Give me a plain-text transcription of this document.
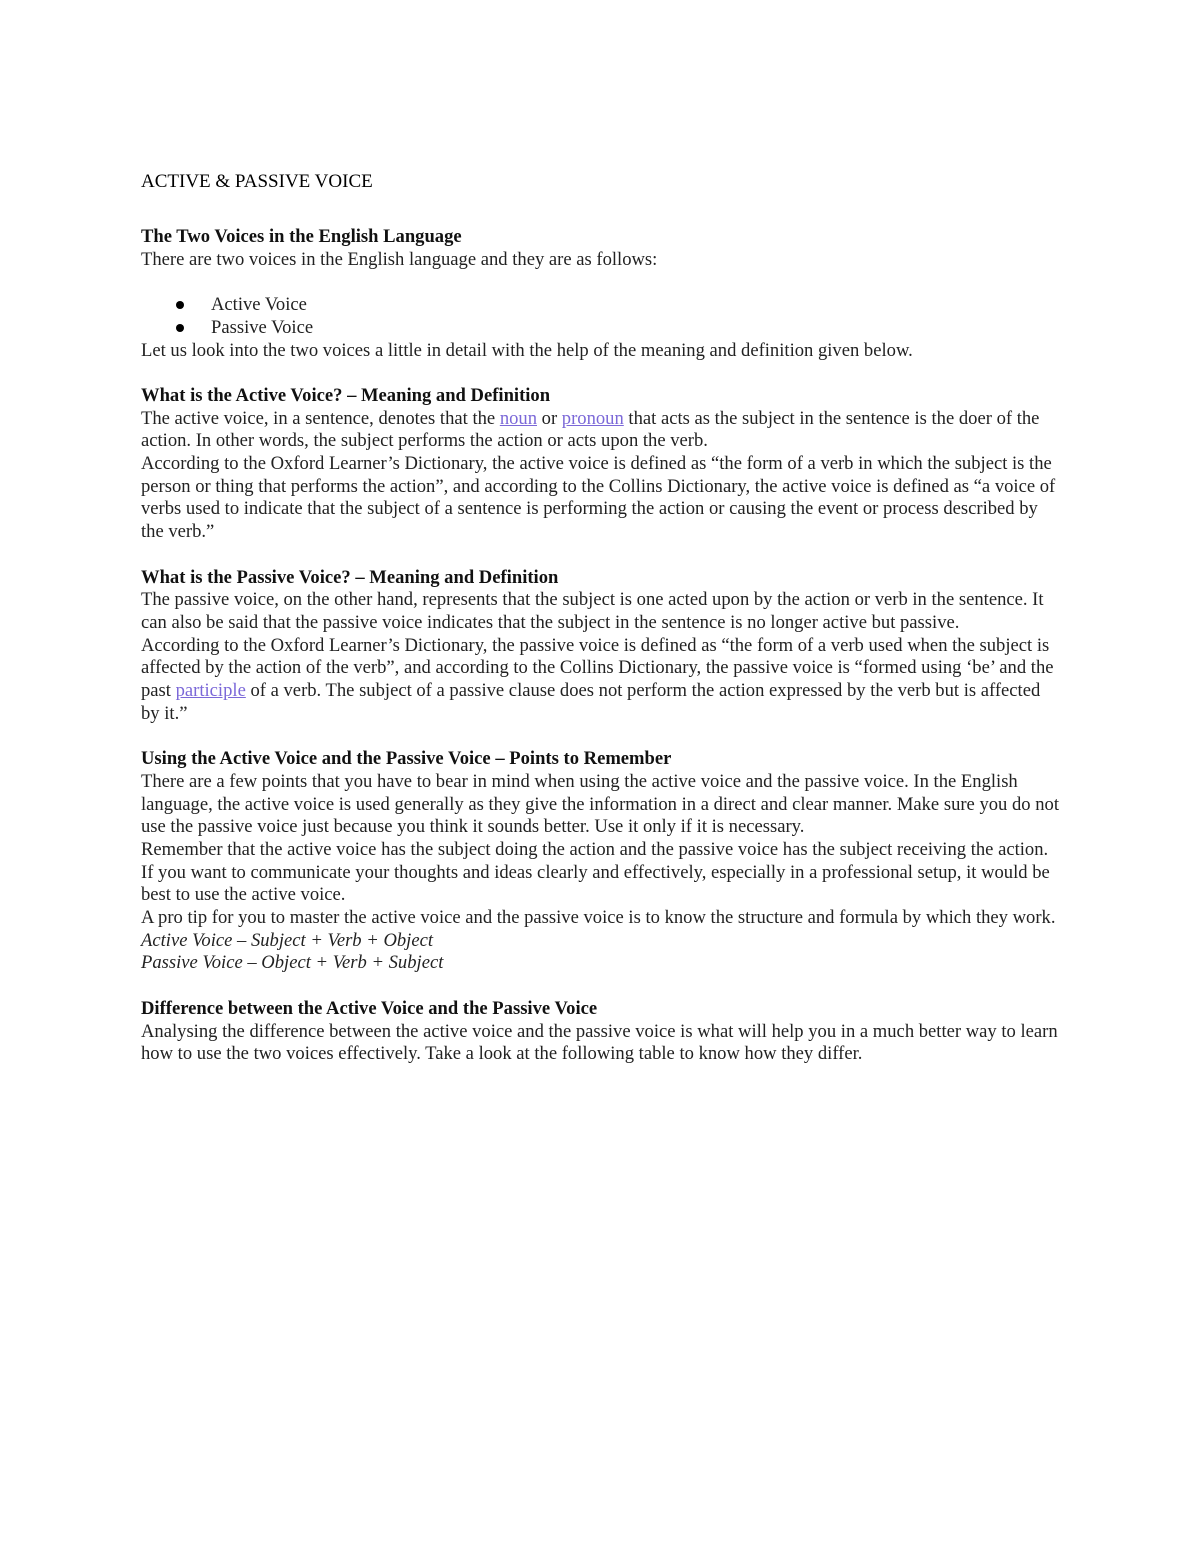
ACTIVE & PASSIVE VOICE
The Two Voices in the English Language

There are two voices in the English language and they are as follows:

Active Voice
Passive Voice

Let us look into the two voices a little in detail with the help of the meaning and definition given below.

What is the Active Voice? – Meaning and Definition

The active voice, in a sentence, denotes that the noun or pronoun that acts as the subject in the sentence is the doer of the action. In other words, the subject performs the action or acts upon the verb.

According to the Oxford Learner’s Dictionary, the active voice is defined as “the form of a verb in which the subject is the person or thing that performs the action”, and according to the Collins Dictionary, the active voice is defined as “a voice of verbs used to indicate that the subject of a sentence is performing the action or causing the event or process described by the verb.”

What is the Passive Voice? – Meaning and Definition

The passive voice, on the other hand, represents that the subject is one acted upon by the action or verb in the sentence. It can also be said that the passive voice indicates that the subject in the sentence is no longer active but passive.

According to the Oxford Learner’s Dictionary, the passive voice is defined as “the form of a verb used when the subject is affected by the action of the verb”, and according to the Collins Dictionary, the passive voice is “formed using ‘be’ and the past participle of a verb. The subject of a passive clause does not perform the action expressed by the verb but is affected by it.”

Using the Active Voice and the Passive Voice – Points to Remember

There are a few points that you have to bear in mind when using the active voice and the passive voice. In the English language, the active voice is used generally as they give the information in a direct and clear manner. Make sure you do not use the passive voice just because you think it sounds better. Use it only if it is necessary.

Remember that the active voice has the subject doing the action and the passive voice has the subject receiving the action. If you want to communicate your thoughts and ideas clearly and effectively, especially in a professional setup, it would be best to use the active voice.

A pro tip for you to master the active voice and the passive voice is to know the structure and formula by which they work.

Active Voice – Subject + Verb + Object

Passive Voice – Object + Verb + Subject

Difference between the Active Voice and the Passive Voice

Analysing the difference between the active voice and the passive voice is what will help you in a much better way to learn how to use the two voices effectively. Take a look at the following table to know how they differ.
